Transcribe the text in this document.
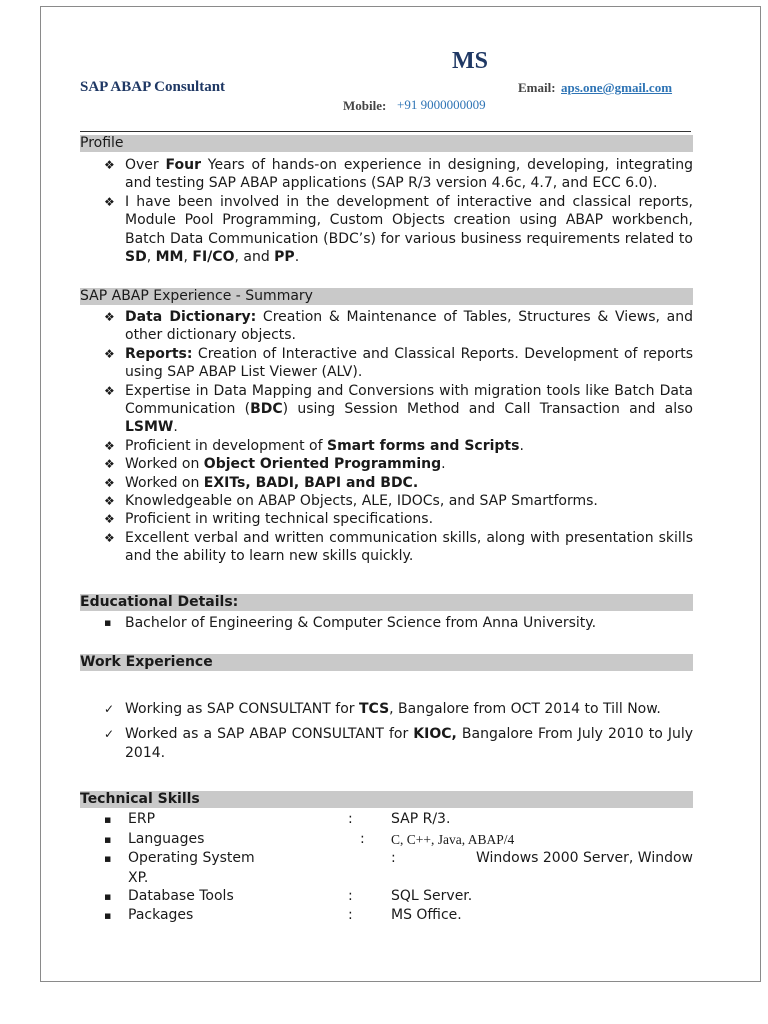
MS
SAP ABAP Consultant	Email: aps.one@gmail.com
Mobile: +91 9000000009
Profile
❖ Over Four Years of hands-on experience in designing, developing, integrating and testing SAP ABAP applications (SAP R/3 version 4.6c, 4.7, and ECC 6.0).
❖ I have been involved in the development of interactive and classical reports, Module Pool Programming, Custom Objects creation using ABAP workbench, Batch Data Communication (BDC’s) for various business requirements related to SD, MM, FI/CO, and PP.
SAP ABAP Experience - Summary
❖ Data Dictionary: Creation & Maintenance of Tables, Structures & Views, and other dictionary objects.
❖ Reports: Creation of Interactive and Classical Reports. Development of reports using SAP ABAP List Viewer (ALV).
❖ Expertise in Data Mapping and Conversions with migration tools like Batch Data Communication (BDC) using Session Method and Call Transaction and also LSMW.
❖ Proficient in development of Smart forms and Scripts.
❖ Worked on Object Oriented Programming.
❖ Worked on EXITs, BADI, BAPI and BDC.
❖ Knowledgeable on ABAP Objects, ALE, IDOCs, and SAP Smartforms.
❖ Proficient in writing technical specifications.
❖ Excellent verbal and written communication skills, along with presentation skills and the ability to learn new skills quickly.
Educational Details:
▪ Bachelor of Engineering & Computer Science from Anna University.
Work Experience
✓ Working as SAP CONSULTANT for TCS, Bangalore from OCT 2014 to Till Now.
✓ Worked as a SAP ABAP CONSULTANT for KIOC, Bangalore From July 2010 to July 2014.
Technical Skills
▪ ERP	:	SAP R/3.
▪ Languages	: C, C++, Java, ABAP/4
▪ Operating System	:	Windows 2000 Server, Window
XP.
▪ Database Tools	:	SQL Server.
▪ Packages	:	MS Office.
